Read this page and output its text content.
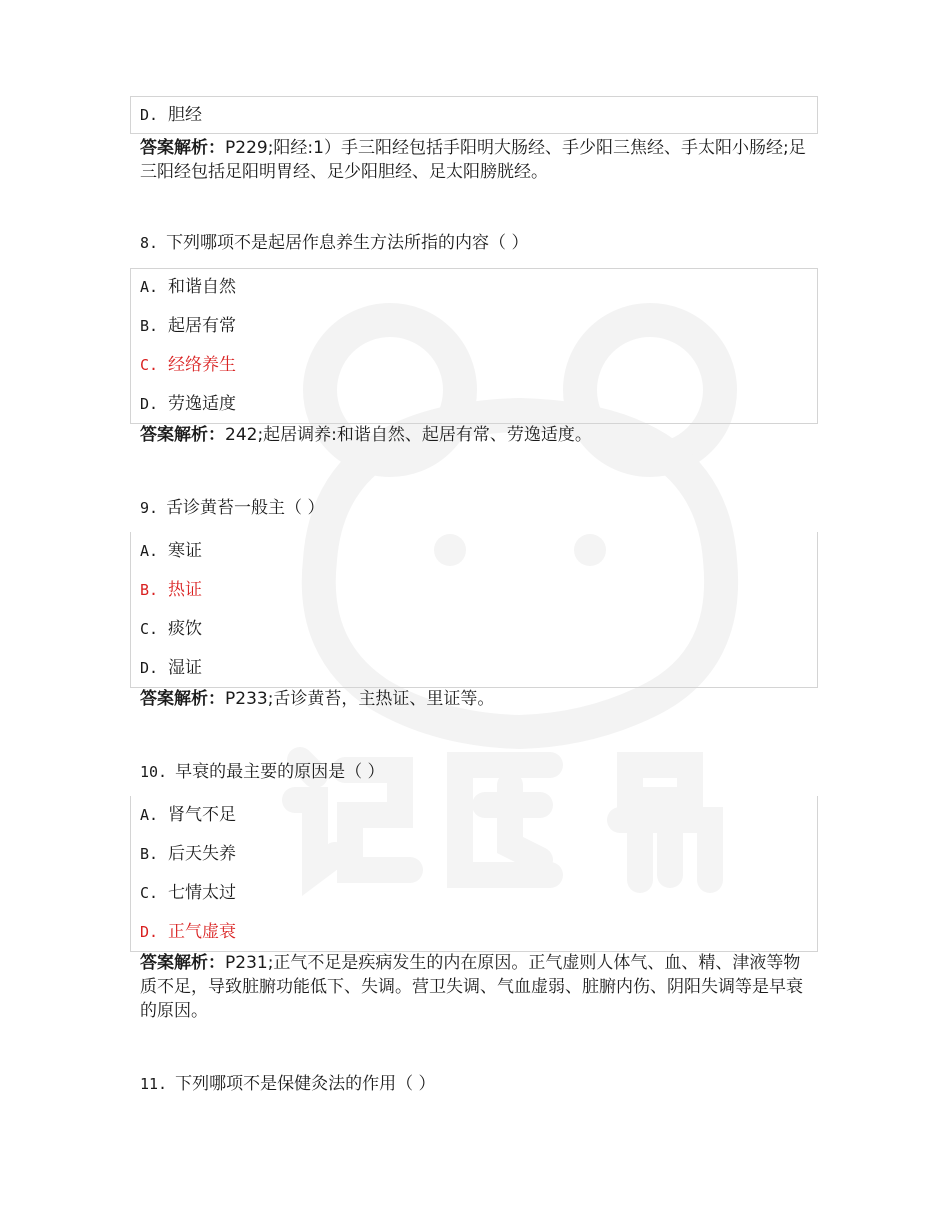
D. 胆经
答案解析：P229;阳经:1）手三阳经包括手阳明大肠经、手少阳三焦经、手太阳小肠经;足三阳经包括足阳明胃经、足少阳胆经、足太阳膀胱经。
8. 下列哪项不是起居作息养生方法所指的内容（ ）
A. 和谐自然
B. 起居有常
C. 经络养生
D. 劳逸适度
答案解析：242;起居调养:和谐自然、起居有常、劳逸适度。
9. 舌诊黄苔一般主（ ）
A. 寒证
B. 热证
C. 痰饮
D. 湿证
答案解析：P233;舌诊黄苔，主热证、里证等。
10. 早衰的最主要的原因是（ ）
A. 肾气不足
B. 后天失养
C. 七情太过
D. 正气虚衰
答案解析：P231;正气不足是疾病发生的内在原因。正气虚则人体气、血、精、津液等物质不足，导致脏腑功能低下、失调。营卫失调、气血虚弱、脏腑内伤、阴阳失调等是早衰的原因。
11. 下列哪项不是保健灸法的作用（ ）
